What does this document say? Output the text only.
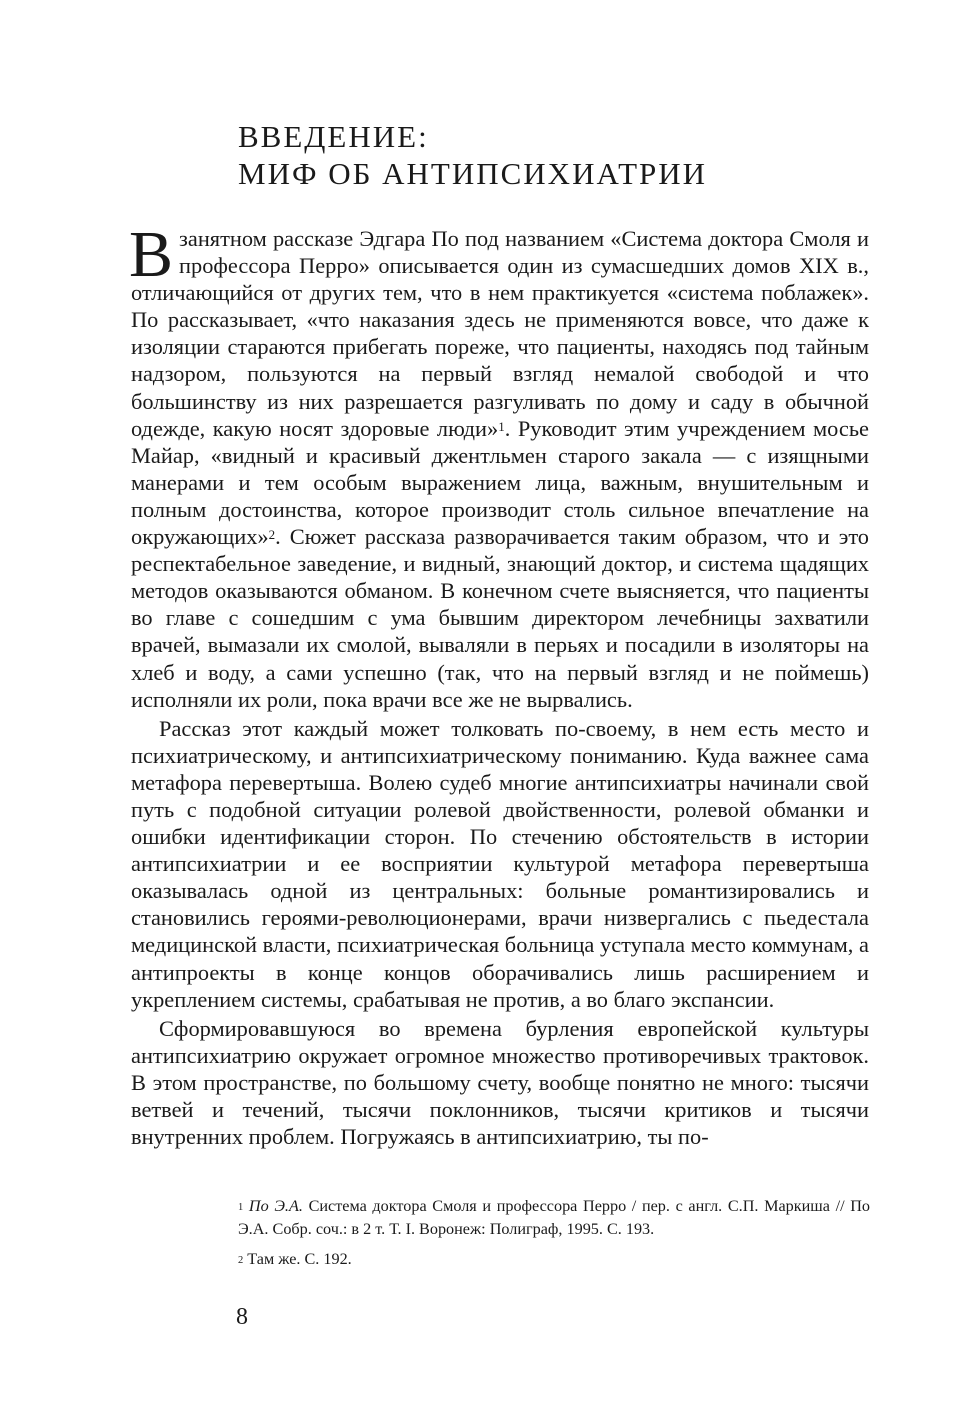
ВВЕДЕНИЕ:
МИФ ОБ АНТИПСИХИАТРИИ

Взанятном рассказе Эдгара По под названием «Система доктора Смоля и профессора Перро» описывается один из сумасшедших домов XIX в., отличающийся от других тем, что в нем практикуется «система поблажек». По рассказывает, «что наказания здесь не применяются вовсе, что даже к изоляции стараются прибегать пореже, что пациенты, находясь под тайным надзором, пользуются на первый взгляд немалой свободой и что большинству из них разрешается разгуливать по дому и саду в обычной одежде, какую носят здоровые люди»$^1$. Руководит этим учреждением мосье Майар, «видный и красивый джентльмен старого закала — с изящными манерами и тем особым выражением лица, важным, внушительным и полным достоинства, которое производит столь сильное впечатление на окружающих»$^2$. Сюжет рассказа разворачивается таким образом, что и это респектабельное заведение, и видный, знающий доктор, и система щадящих методов оказываются обманом. В конечном счете выясняется, что пациенты во главе с сошедшим с ума бывшим директором лечебницы захватили врачей, вымазали их смолой, вываляли в перьях и посадили в изоляторы на хлеб и воду, а сами успешно (так, что на первый взгляд и не поймешь) исполняли их роли, пока врачи все же не вырвались.

Рассказ этот каждый может толковать по-своему, в нем есть место и психиатрическому, и антипсихиатрическому пониманию. Куда важнее сама метафора перевертыша. Волею судеб многие антипсихиатры начинали свой путь с подобной ситуации ролевой двойственности, ролевой обманки и ошибки идентификации сторон. По стечению обстоятельств в истории антипсихиатрии и ее восприятии культурой метафора перевертыша оказывалась одной из центральных: больные романтизировались и становились героями-революционерами, врачи низвергались с пьедестала медицинской власти, психиатрическая больница уступала место коммунам, а антипроекты в конце концов оборачивались лишь расширением и укреплением системы, срабатывая не против, а во благо экспансии.

Сформировавшуюся во времена бурления европейской культуры антипсихиатрию окружает огромное множество противоречивых трактовок. В этом пространстве, по большому счету, вообще понятно не много: тысячи ветвей и течений, тысячи поклонников, тысячи критиков и тысячи внутренних проблем. Погружаясь в антипсихиатрию, ты по-

$^1$ По Э.А. Система доктора Смоля и профессора Перро / пер. с англ. С.П. Маркиша // По Э.А. Собр. соч.: в 2 т. Т. I. Воронеж: Полиграф, 1995. С. 193.

$^2$ Там же. С. 192.

8
